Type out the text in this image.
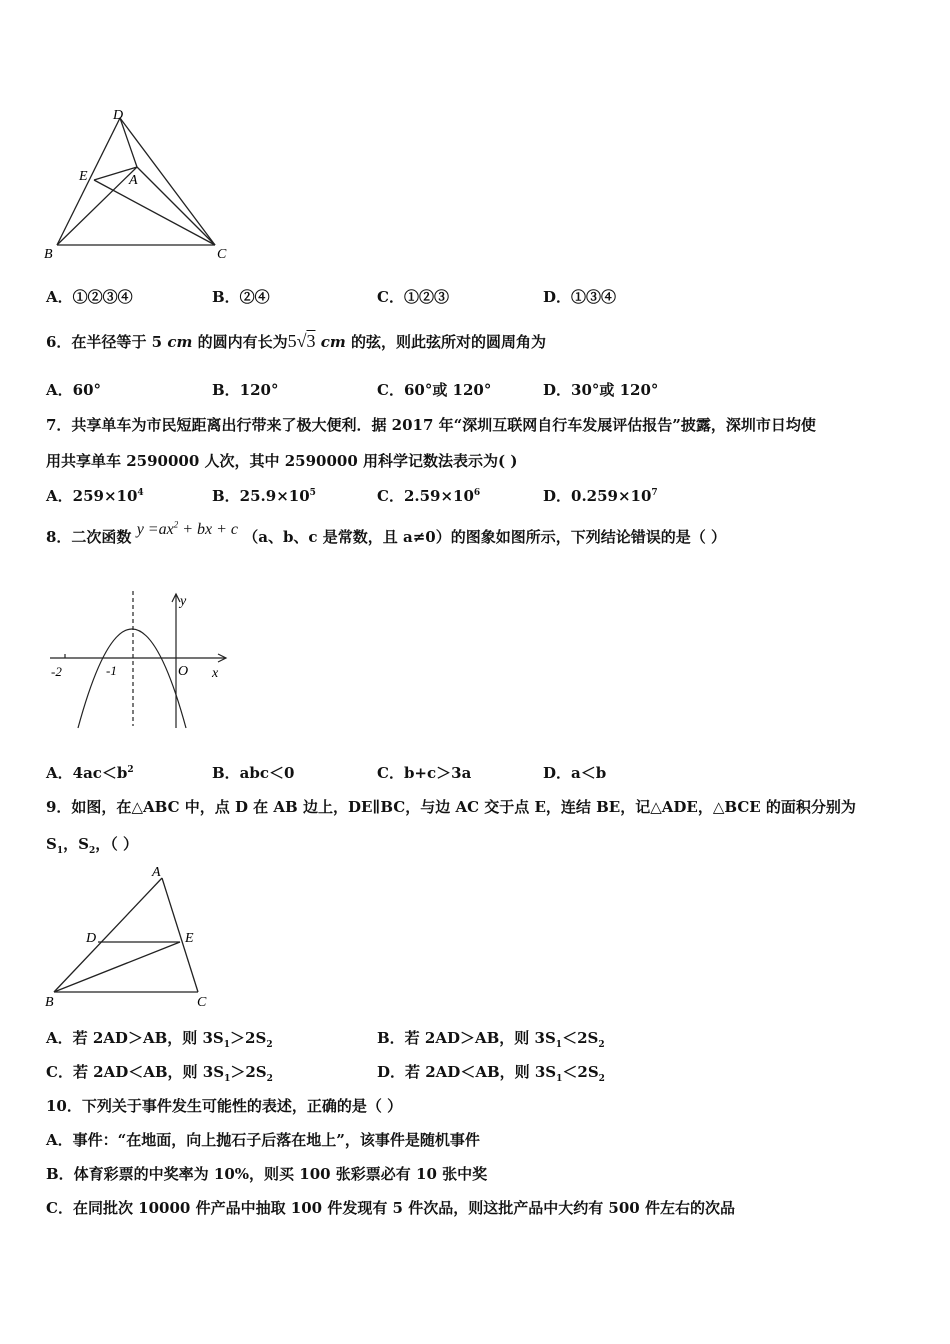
D
E	A
B	C
A．①②③④	B．②④	C．①②③	D．①③④
6．在半径等于 5 cm 的圆内有长为5√3 cm 的弦，则此弦所对的圆周角为
A．60°	B．120°	C．60°或 120°	D．30°或 120°
7．共享单车为市民短距离出行带来了极大便利．据 2017 年“深圳互联网自行车发展评估报告”披露，深圳市日均使
用共享单车 2590000 人次，其中 2590000 用科学记数法表示为( )
A．$259\times 10^4$	B．$25.9\times 10^5$	C．$2.59\times 10^6$	D．$0.259\times 10^7$
8．二次函数 $y =ax^2$ + bx + c （a、b、c 是常数，且 a≠0）的图象如图所示，下列结论错误的是（ ）
-2	-1	O x
y
A．$4ac<b^2$	B．abc＜0	C．b+c＞3a	D．a＜b
9．如图，在△ABC 中，点 D 在 AB 边上，DE∥BC，与边 AC 交于点 E，连结 BE，记△ADE，△BCE 的面积分别为
$S_1$，$S_2$，（ ）
A
D	E
B	C
A．若 2AD＞AB，则 $3S_1>2S_2$	B．若 2AD＞AB，则 $3S_1<2S_2$
C．若 2AD＜AB，则 $3S_1>2S_2$	D．若 2AD＜AB，则 $3S_1<2S_2$
10．下列关于事件发生可能性的表述，正确的是（ ）
A．事件：“在地面，向上抛石子后落在地上”，该事件是随机事件
B．体育彩票的中奖率为 10%，则买 100 张彩票必有 10 张中奖
C．在同批次 10000 件产品中抽取 100 件发现有 5 件次品，则这批产品中大约有 500 件左右的次品
